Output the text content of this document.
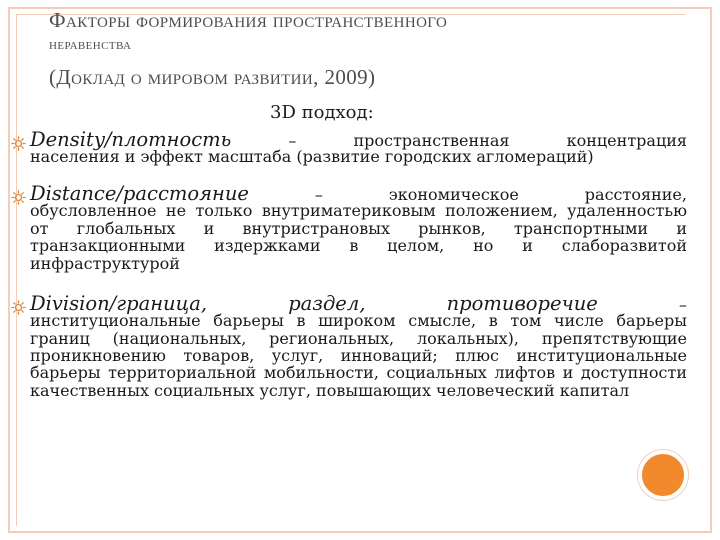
Факторы формирования пространственного
неравенства
(Доклад о мировом развитии, 2009)
3D подход:
Density/плотность	–	пространственная	концентрация
населения и эффект масштаба (развитие городских агломераций)
Distance/расстояние	–	экономическое	расстояние,
обусловленное не только внутриматериковым положением, удаленностью от глобальных и внутристрановых рынков, транспортными и транзакционными издержками в целом, но и слаборазвитой инфраструктурой
Division/граница,	раздел,	противоречие	–
институциональные барьеры в широком смысле, в том числе барьеры границ (национальных, региональных, локальных), препятствующие проникновению товаров, услуг, инноваций; плюс институциональные барьеры территориальной мобильности, социальных лифтов и доступности качественных социальных услуг, повышающих человеческий капитал
